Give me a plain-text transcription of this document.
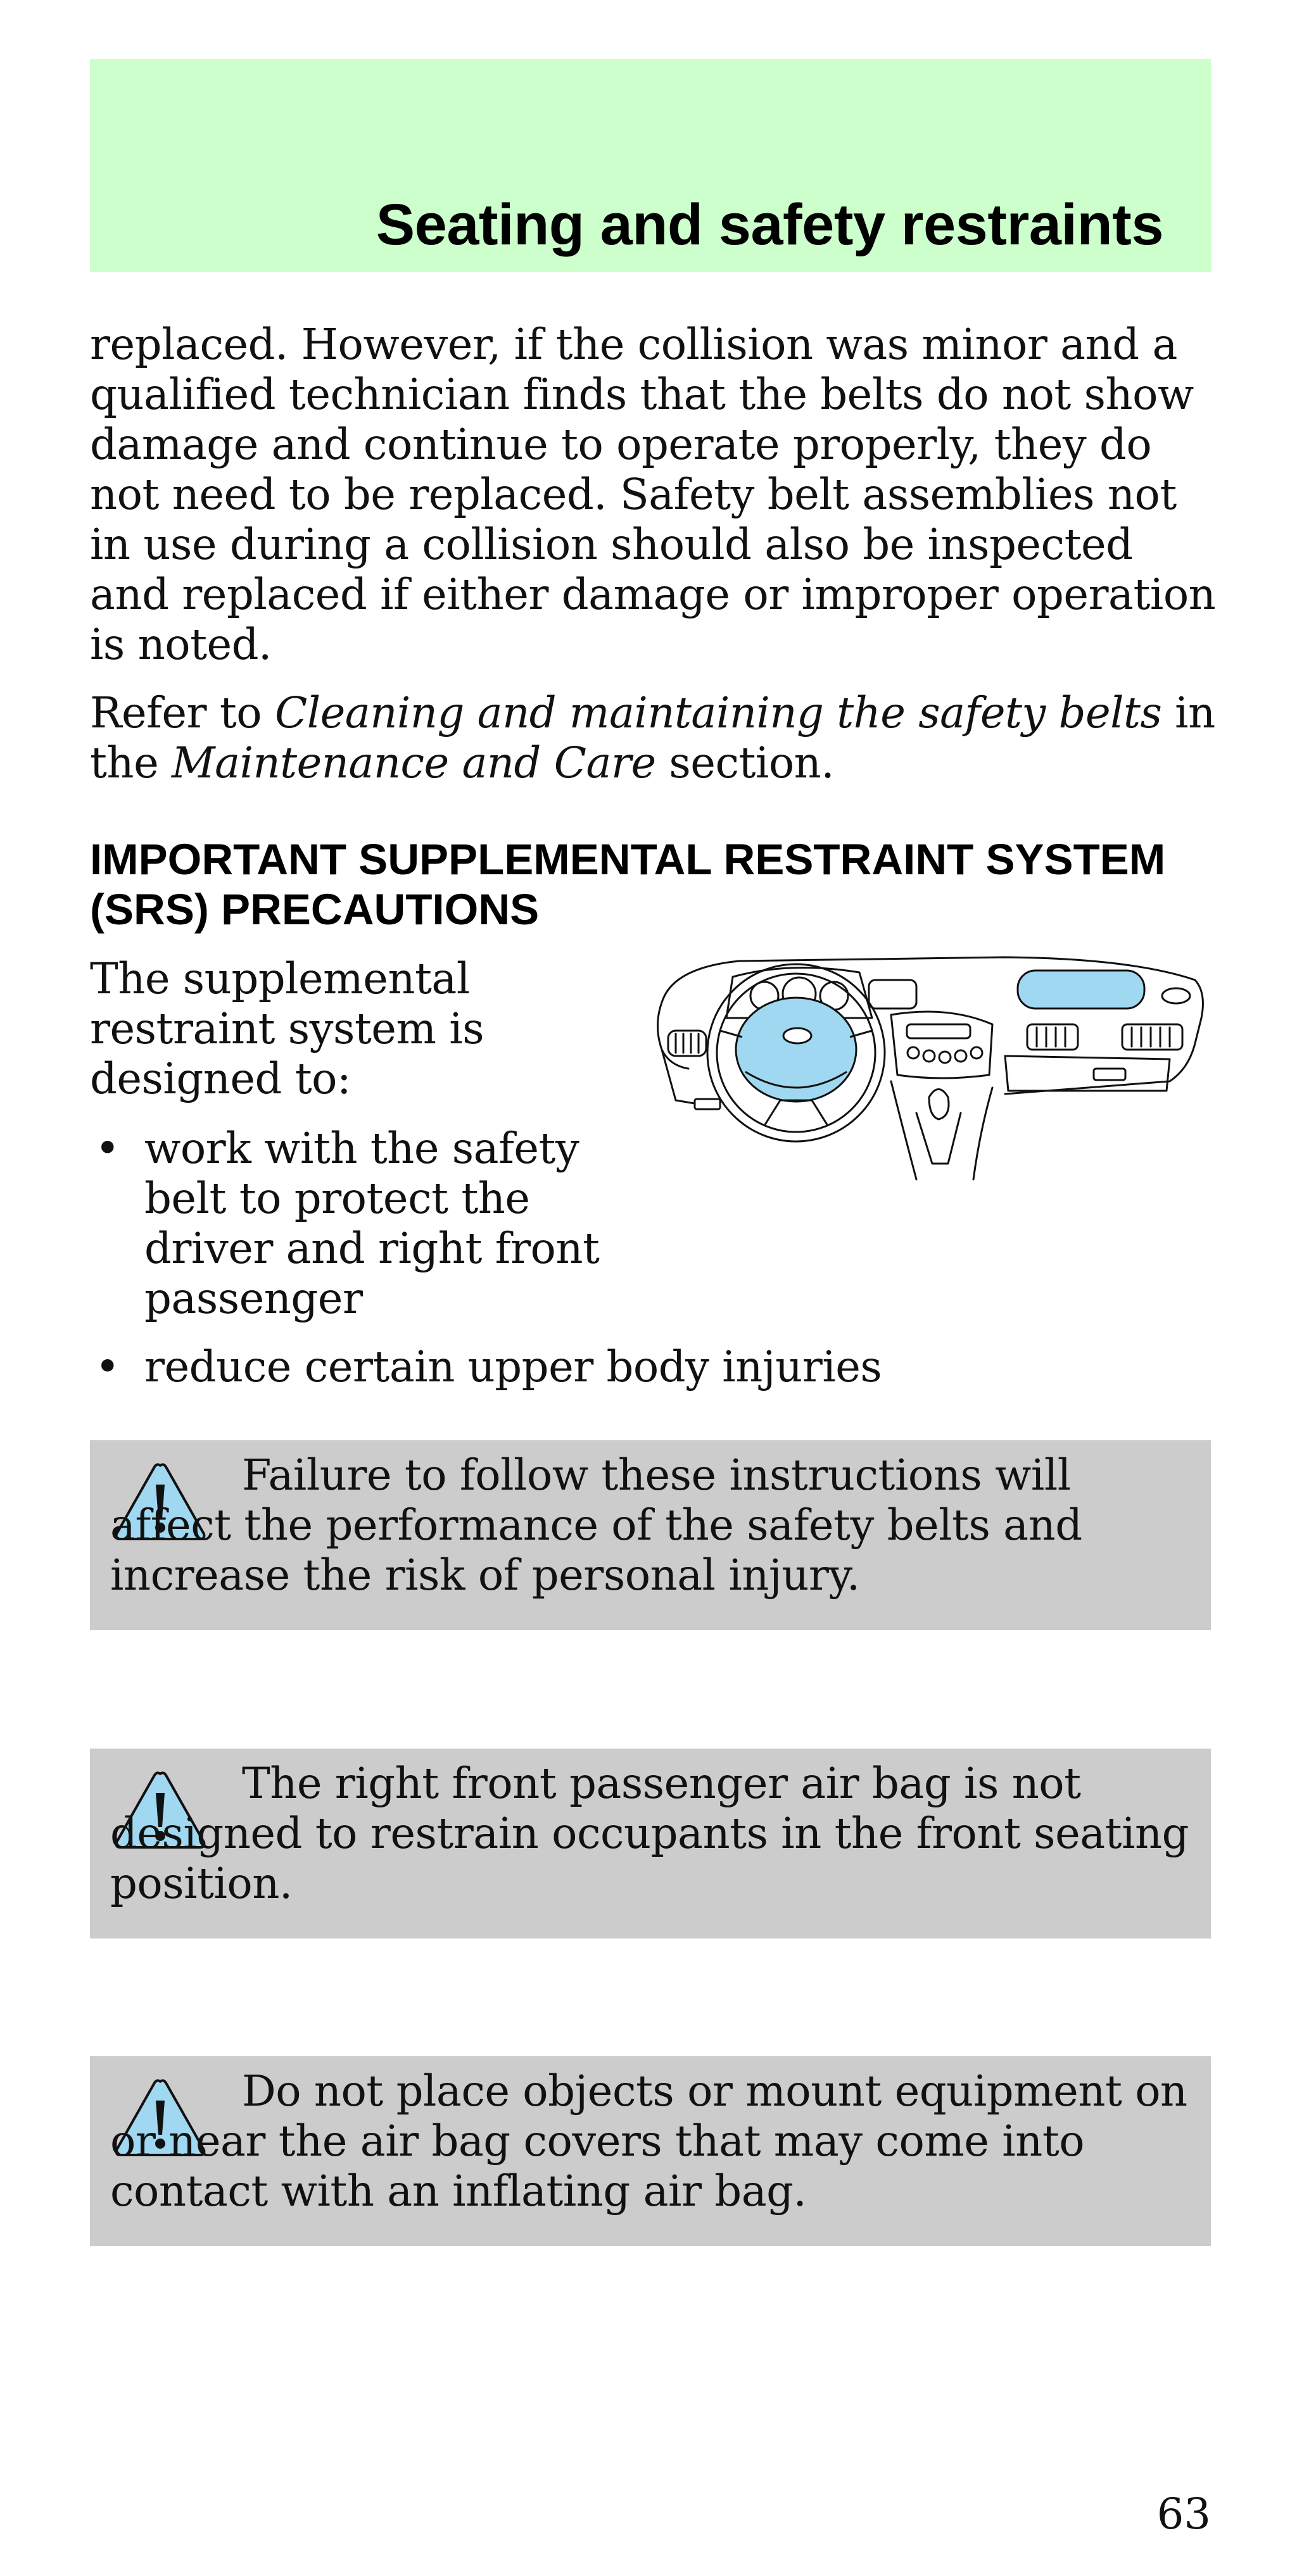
Seating and safety restraints

replaced. However, if the collision was minor and a qualified technician finds that the belts do not show damage and continue to operate properly, they do not need to be replaced. Safety belt assemblies not in use during a collision should also be inspected and replaced if either damage or improper operation is noted.

Refer to Cleaning and maintaining the safety belts in the Maintenance and Care section.

IMPORTANT SUPPLEMENTAL RESTRAINT SYSTEM (SRS) PRECAUTIONS

The supplemental restraint system is designed to:

• work with the safety belt to protect the driver and right front passenger
• reduce certain upper body injuries

Failure to follow these instructions will affect the performance of the safety belts and increase the risk of personal injury.

The right front passenger air bag is not designed to restrain occupants in the front seating position.

Do not place objects or mount equipment on or near the air bag covers that may come into contact with an inflating air bag.

63
